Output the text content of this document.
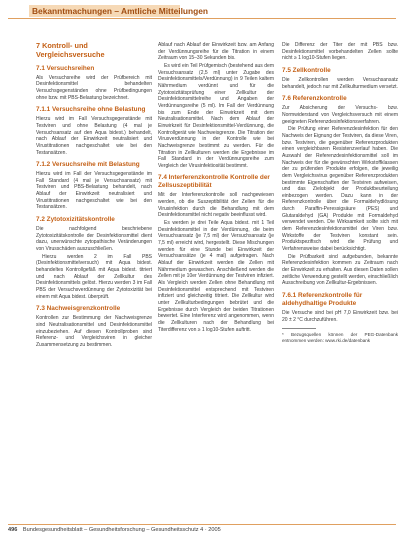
Bekanntmachungen – Amtliche Mitteilungen
7 Kontroll- und Vergleichsversuche
7.1 Versuchsreihen

Als Versuchsreihe wird der Prüfbereich mit Desinfektionsmittel behandelten Versuchsgegenständen ohne Prüfbedingungen ohne bzw. mit PBS-Belastung bezeichnet.

7.1.1 Versuchsreihe ohne Belastung

Hierzu wird im Fall Versuchsgegenstände mit Testviren und ohne Belastung (4 mal je Versuchsansatz auf den Aqua bidest.) behandelt, nach Ablauf der Einwirkzeit neutralisiert und Virustitrationen nachgeschaltet wie bei den Testansätzen.

7.1.2 Versuchsreihe mit Belastung

Hierzu wird im Fall der Versuchsgegenstände im Fall Standard (4 mal je Versuchsansatz) mit Testviren und PBS-Belastung behandelt, nach Ablauf der Einwirkzeit neutralisiert und Virustitrationen nachgeschaltet wie bei den Testansätzen.

7.2 Zytotoxizitätskontrolle

Die nachfolgend beschriebene Zytotoxizitätskontrolle der Desinfektionsmittel dient dazu, unerwünschte zytopathische Veränderungen von Virusschäden auszuschließen.

Hierzu werden 2 im Fall PBS (Desinfektionsmittelversuch) mit Aqua bidest. behandeltes Kontrollgefäß mit Aqua bidest. titriert und nach Ablauf der Zellkultur des Desinfektionsmittels gelöst. Hierzu werden 3 im Fall PBS der Versuchsverdünnung der Zytotoxizität bei einem mit Aqua bidest. überprüft.

7.3 Nachweisgrenzkontrolle

Kontrollen zur Bestimmung der Nachweisgrenze sind Neutralisationsmittel und Desinfektionsmittel einzubeziehen. Auf diesen Kontrollproben sind Referenz- und Vergleichsviren in gleicher Zusammensetzung zu bestimmen.

Ablauf nach Ablauf der Einwirkzeit bzw. am Anfang der Verdünnungsreihe für die Titration in einem Zeitraum von 15–30 Sekunden bis.

Es wird ein Teil Prüfgemisch (bestehend aus dem Versuchsansatz (2,5 ml) unter Zugabe des Desinfektionsmittels/Verdünnung) in 9 Teilen kaltem Nährmedium verdünnt und für die Zytotoxizitätsprüfung einer Zellkultur der Desinfektionsmittelreihe und Angaben der Verdünnungsreihe (5 ml). Im Fall der Verdünnung bis zum Ende der Einwirkzeit mit dem Neutralisationsmittel. Nach dem Ablauf der Einwirkzeit für Desinfektionsmittel-Verdünnung, die Kontrollgerät wie Nachweisgrenze. Die Titration der Virusverdünnung in der Kontrolle wie bei Nachweisgrenze bestimmt zu werden. Für die Titration in Zellkulturen werden die Ergebnisse im Fall Standard in der Verdünnungsreihe zum Vergleich der Virusinfektiosität bestimmt.

7.4 Interferenzkontrolle Kontrolle der Zellsuszeptibilität

Mit der Interferenzkontrolle soll nachgewiesen werden, ob die Suszeptibilität der Zellen für die Virusinfektion durch die Behandlung mit dem Desinfektionsmittel nicht negativ beeinflusst wird.

Es werden je drei Teile Aqua bidest. mit 1 Teil Desinfektionsmittel in der Verdünnung, die beim Versuchsansatz (je 7,5 ml) der Versuchsansatz (je 7,5 ml) erreicht wird, hergestellt. Diese Mischungen werden für eine Stunde bei Einwirkzeit der Versuchsansätze (je 4 mal) aufgetragen. Nach Ablauf der Einwirkzeit werden die Zellen mit Nährmedium gewaschen. Anschließend werden die Zellen mit je 10er Verdünnung der Testviren infiziert. Als Vergleich werden Zellen ohne Behandlung mit Desinfektionsmittel entsprechend mit Testviren infiziert und gleichzeitig titriert. Die Zellkultur wird unter Zellkulturbedingungen bebrütet und die Ergebnisse durch Vergleich der beiden Titrationen bewertet. Eine Interferenz wird angenommen, wenn die Zellkulturen nach der Behandlung bei Titerdifferenz von ≥ 1 log10-Stufen auftritt.

Die Differenz der Titer der mit PBS bzw. Desinfektionsmittel vorbehandelten Zellen sollte nicht ≥ 1 log10-Stufen liegen.

7.5 Zellkontrolle

Die Zellkontrollen werden Versuchsansatz behandelt, jedoch nur mit Zellkulturmedium versetzt.

7.6 Referenzkontrolle

Zur Absicherung der Versuchs- bzw. Normwiderstand von Vergleichsversuch mit einem geeigneten Referenzdesinfektionsverfahren.

Die Prüfung einer Referenzdesinfektion für den Nachweis der Eignung der Testviren, da diese Viren, bzw. Testviren, die gegenüber Referenzprodukten einen vergleichbaren Resistenzverlauf haben. Die Auswahl der Referenzdesinfektionsmittel soll im Nachweis der für die gewünschten Wirkstoffklassen der zu prüfenden Produkte erfolgen, die jeweilig dem Vergleichsvirus gegenüber Referenzprodukten bestimmte Eigenschaften der Testviren aufweisen, und das Zielobjekt der Produktbeurteilung einbezogen werden. Dazu kann in der Referenzkontrolle über die Formaldehydlösung durch Paraffin-Peressigsäure (PES) und Glutaraldehyd (GA) Produkte mit Formaldehyd verwendet werden. Die Wirksamkeit sollte sich mit dem Referenzdesinfektionsmittel der Viren bzw. Wirkstoffe der Testviren konstant sein. Produktspezifisch wird die Prüfung und Verfahrensweise dabei berücksichtigt.

Die Prüfbarkeit sind aufgebunden, bekannte Referenzdesinfektion kommen zu Zeitraum nach der Einwirkzeit zu erhalten. Aus diesen Daten sollen zeitliche Verwendung gestellt werden, einschließlich Ausschreibung von Zellkultur-Ergebnissen.

7.6.1 Referenzkontrolle für aldehydhaltige Produkte

Die Versuche sind bei pH 7,0 Einwirkzeit bzw. bei 20 ± 2 °C durchzuführen.

* Bezugsquellen können der PEG-Datenbank entnommen werden: www.rki.de/datenbank

496 Bundesgesundheitsblatt – Gesundheitsforschung – Gesundheitsschutz 4 · 2005
